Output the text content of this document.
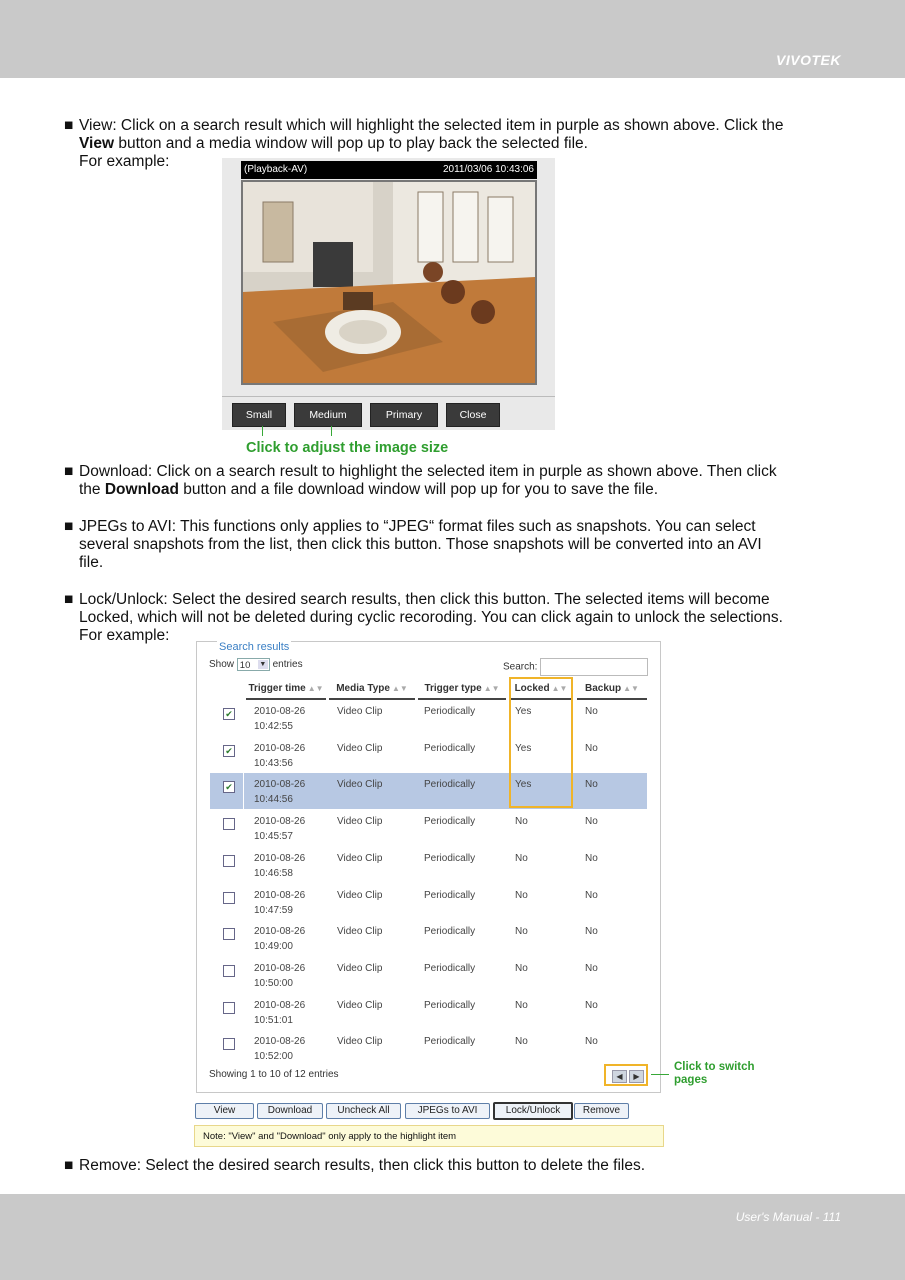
VIVOTEK
■ View: Click on a search result which will highlight the selected item in purple as shown above. Click the
View button and a media window will pop up to play back the selected file.
For example:	(Playback-AV)	2011/03/06 10:43:06
Small	Medium	Primary	Close
Click to adjust the image size
■ Download: Click on a search result to highlight the selected item in purple as shown above. Then click
the Download button and a file download window will pop up for you to save the file.
■ JPEGs to AVI: This functions only applies to “JPEG“ format files such as snapshots. You can select
several snapshots from the list, then click this button. Those snapshots will be converted into an AVI
file.
■ Lock/Unlock: Select the desired search results, then click this button. The selected items will become
Locked, which will not be deleted during cyclic recoroding. You can click again to unlock the selections.
For example:
Search results
Show 10 ▼ entries	Search:
Trigger time ▲▼	Media Type ▲▼	Trigger type ▲▼	Locked ▲▼	Backup ▲▼
✔ 2010-08-26
10:42:55
Video Clip	Periodically	Yes	No
✔ 2010-08-26
10:43:56
Video Clip	Periodically	Yes	No
✔ 2010-08-26
10:44:56
Video Clip	Periodically	Yes	No
2010-08-26
10:45:57
Video Clip	Periodically	No	No
2010-08-26
10:46:58
Video Clip	Periodically	No	No
2010-08-26
10:47:59
Video Clip	Periodically	No	No
2010-08-26
10:49:00
Video Clip	Periodically	No	No
2010-08-26
10:50:00
Video Clip	Periodically	No	No
2010-08-26
10:51:01
Video Clip	Periodically	No	No
2010-08-26
10:52:00
Video Clip	Periodically	No	No
Showing 1 to 10 of 12 entries	◀	▶
Click to switch
pages
View	Download	Uncheck All	JPEGs to AVI	Lock/Unlock	Remove
Note: "View" and "Download" only apply to the highlight item
■ Remove: Select the desired search results, then click this button to delete the files.
User's Manual - 111
